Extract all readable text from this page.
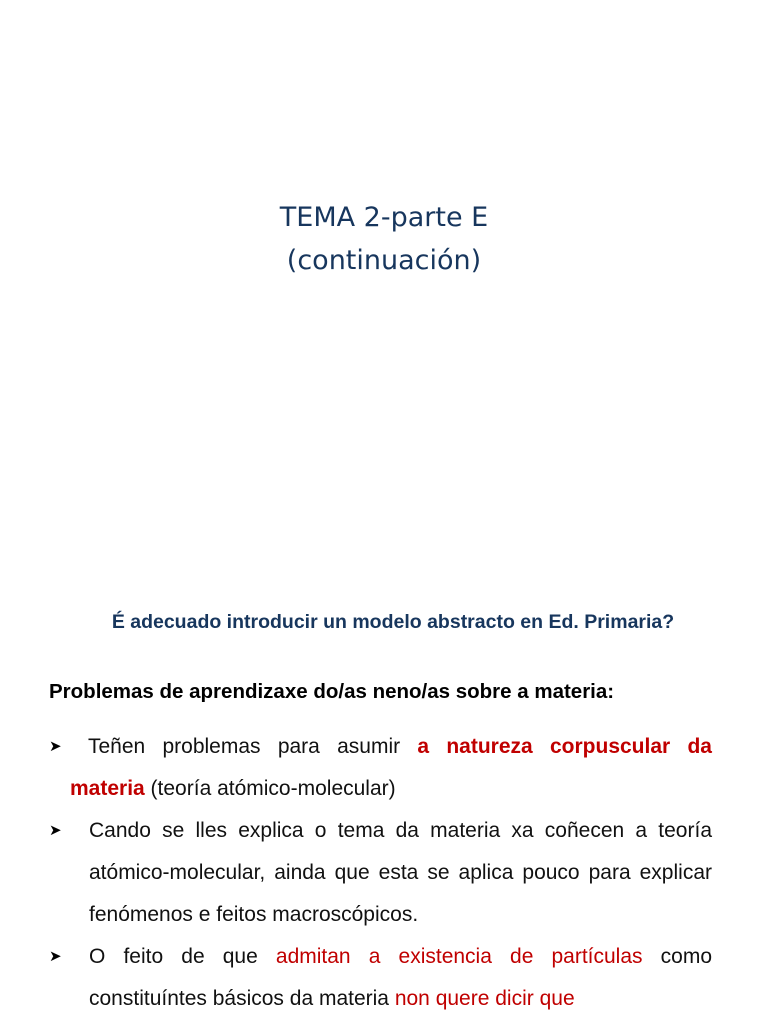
TEMA 2-parte E
(continuación)
É adecuado introducir un modelo abstracto en Ed. Primaria?
Problemas de aprendizaxe do/as neno/as sobre a materia:
➤	Teñen problemas para asumir a natureza corpuscular da
materia (teoría atómico-molecular)
➤	Cando se lles explica o tema da materia xa coñecen a teoría atómico-molecular, ainda que esta se aplica pouco para explicar fenómenos e feitos macroscópicos.
➤	O feito de que admitan a existencia de partículas como constituíntes básicos da materia non quere dicir que
